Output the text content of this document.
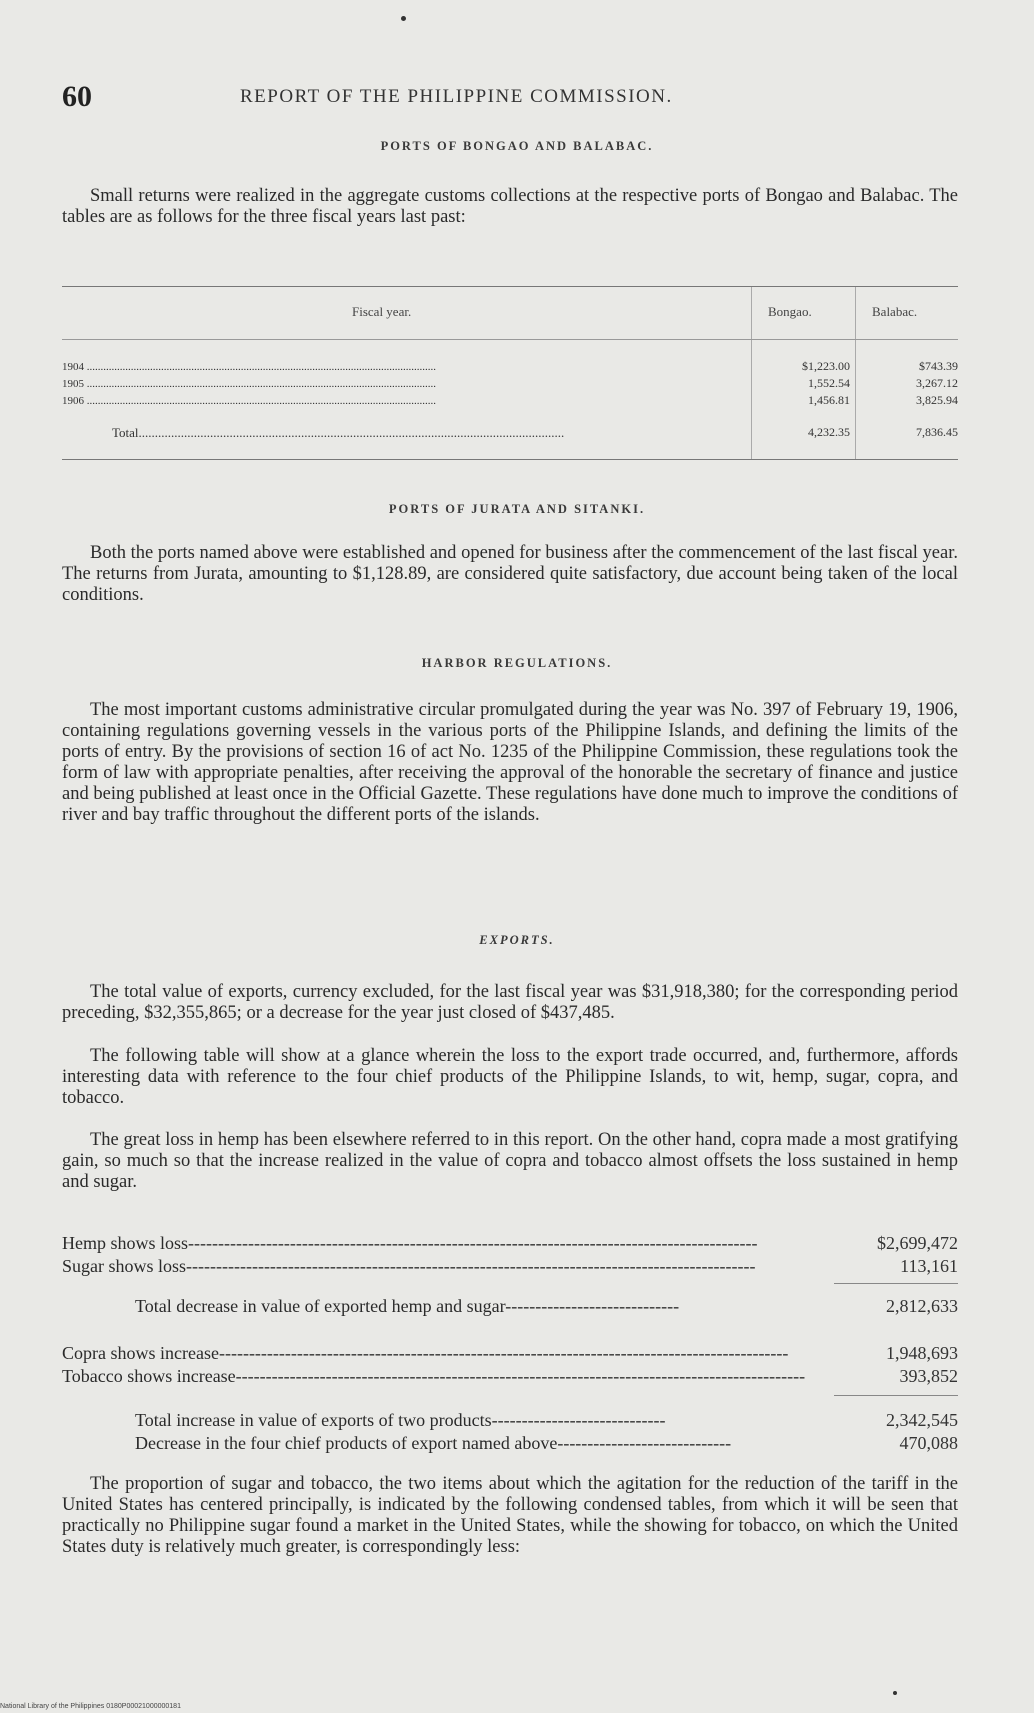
60	REPORT OF THE PHILIPPINE COMMISSION.
PORTS OF BONGAO AND BALABAC.
Small returns were realized in the aggregate customs collections at the respective ports of Bongao and Balabac. The tables are as follows for the three fiscal years last past:
Fiscal year.	Bongao.	Balabac.
1904 ...............................................................................................................................	$1,223.00	$743.39
1905 ...............................................................................................................................	1,552.54	3,267.12
1906 ...............................................................................................................................	1,456.81	3,825.94
Total...................................................................................................................................	4,232.35	7,836.45
PORTS OF JURATA AND SITANKI.
Both the ports named above were established and opened for business after the commencement of the last fiscal year. The returns from Jurata, amounting to $1,128.89, are considered quite satisfactory, due account being taken of the local conditions.
HARBOR REGULATIONS.
The most important customs administrative circular promulgated during the year was No. 397 of February 19, 1906, containing regulations governing vessels in the various ports of the Philippine Islands, and defining the limits of the ports of entry. By the provisions of section 16 of act No. 1235 of the Philippine Commission, these regulations took the form of law with appropriate penalties, after receiving the approval of the honorable the secretary of finance and justice and being published at least once in the Official Gazette. These regulations have done much to improve the conditions of river and bay traffic throughout the different ports of the islands.
EXPORTS.
The total value of exports, currency excluded, for the last fiscal year was $31,918,380; for the corresponding period preceding, $32,355,865; or a decrease for the year just closed of $437,485.
The following table will show at a glance wherein the loss to the export trade occurred, and, furthermore, affords interesting data with reference to the four chief products of the Philippine Islands, to wit, hemp, sugar, copra, and tobacco.
The great loss in hemp has been elsewhere referred to in this report. On the other hand, copra made a most gratifying gain, so much so that the increase realized in the value of copra and tobacco almost offsets the loss sustained in hemp and sugar.
Hemp shows loss-----------------------------------------------------------------------------------------------	$2,699,472
Sugar shows loss-----------------------------------------------------------------------------------------------	113,161
Total decrease in value of exported hemp and sugar-----------------------------	2,812,633
Copra shows increase-----------------------------------------------------------------------------------------------	1,948,693
Tobacco shows increase-----------------------------------------------------------------------------------------------	393,852
Total increase in value of exports of two products-----------------------------	2,342,545
Decrease in the four chief products of export named above-----------------------------	470,088
The proportion of sugar and tobacco, the two items about which the agitation for the reduction of the tariff in the United States has centered principally, is indicated by the following condensed tables, from which it will be seen that practically no Philippine sugar found a market in the United States, while the showing for tobacco, on which the United States duty is relatively much greater, is correspondingly less:
National Library of the Philippines 0180P00021000000181
